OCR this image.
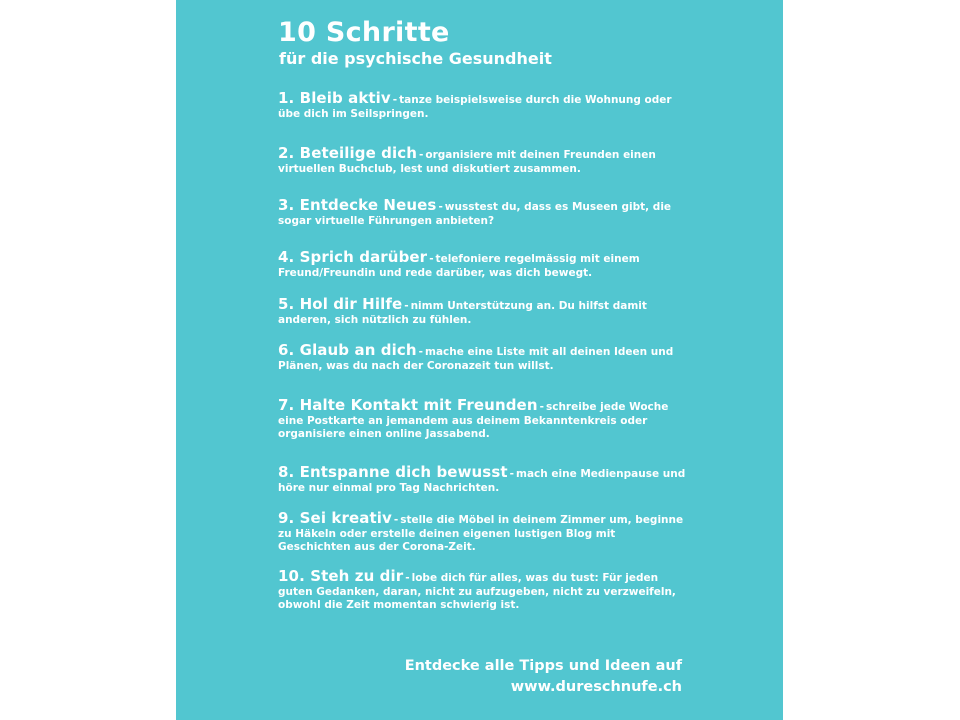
10 Schritte
für die psychische Gesundheit
1. Bleib aktiv - tanze beispielsweise durch die Wohnung oder übe dich im Seilspringen.
2. Beteilige dich - organisiere mit deinen Freunden einen virtuellen Buchclub, lest und diskutiert zusammen.
3. Entdecke Neues - wusstest du, dass es Museen gibt, die sogar virtuelle Führungen anbieten?
4. Sprich darüber - telefoniere regelmässig mit einem Freund/Freundin und rede darüber, was dich bewegt.
5. Hol dir Hilfe - nimm Unterstützung an. Du hilfst damit anderen, sich nützlich zu fühlen.
6. Glaub an dich - mache eine Liste mit all deinen Ideen und Plänen, was du nach der Coronazeit tun willst.
7. Halte Kontakt mit Freunden - schreibe jede Woche eine Postkarte an jemandem aus deinem Bekanntenkreis oder organisiere einen online Jassabend.
8. Entspanne dich bewusst - mach eine Medienpause und höre nur einmal pro Tag Nachrichten.
9. Sei kreativ - stelle die Möbel in deinem Zimmer um, beginne zu Häkeln oder erstelle deinen eigenen lustigen Blog mit Geschichten aus der Corona-Zeit.
10. Steh zu dir - lobe dich für alles, was du tust: Für jeden guten Gedanken, daran, nicht zu aufzugeben, nicht zu verzweifeln, obwohl die Zeit momentan schwierig ist.
Entdecke alle Tipps und Ideen auf
www.dureschnufe.ch
